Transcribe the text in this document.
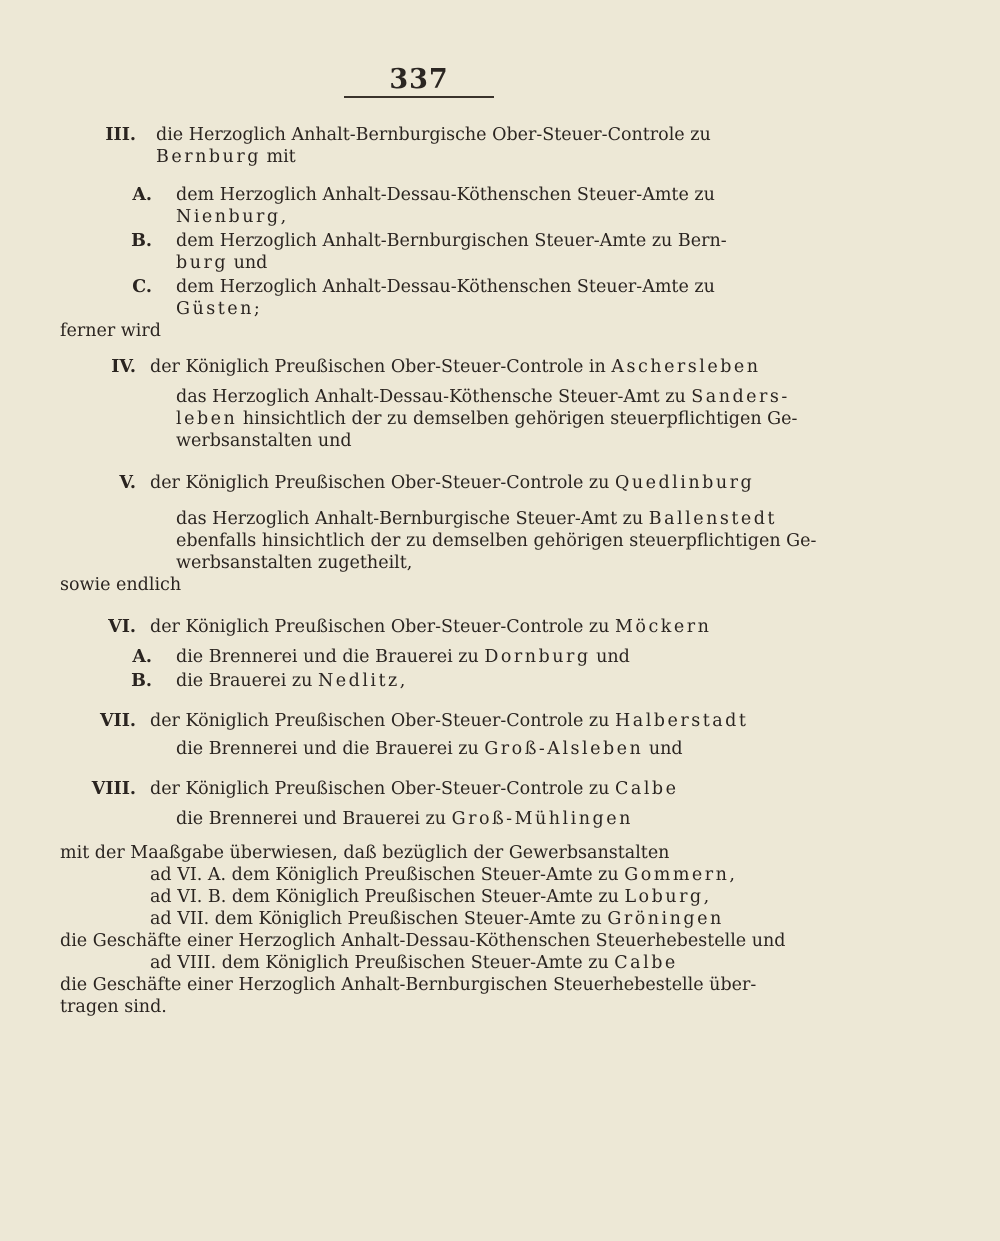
337
III. die Herzoglich Anhalt-Bernburgische Ober-Steuer-Controle zu
Bernburg mit
A. dem Herzoglich Anhalt-Dessau-Köthenschen Steuer-Amte zu
Nienburg,
B. dem Herzoglich Anhalt-Bernburgischen Steuer-Amte zu Bern-
burg und
C. dem Herzoglich Anhalt-Dessau-Köthenschen Steuer-Amte zu
Güsten;
ferner wird
IV. der Königlich Preußischen Ober-Steuer-Controle in Aschersleben
das Herzoglich Anhalt-Dessau-Köthensche Steuer-Amt zu Sanders-
leben hinsichtlich der zu demselben gehörigen steuerpflichtigen Ge-
werbsanstalten und
V. der Königlich Preußischen Ober-Steuer-Controle zu Quedlinburg
das Herzoglich Anhalt-Bernburgische Steuer-Amt zu Ballenstedt
ebenfalls hinsichtlich der zu demselben gehörigen steuerpflichtigen Ge-
werbsanstalten zugetheilt,
sowie endlich
VI. der Königlich Preußischen Ober-Steuer-Controle zu Möckern
A. die Brennerei und die Brauerei zu Dornburg und
B. die Brauerei zu Nedlitz,
VII. der Königlich Preußischen Ober-Steuer-Controle zu Halberstadt
die Brennerei und die Brauerei zu Groß-Alsleben und
VIII. der Königlich Preußischen Ober-Steuer-Controle zu Calbe
die Brennerei und Brauerei zu Groß-Mühlingen
mit der Maaßgabe überwiesen, daß bezüglich der Gewerbsanstalten
ad VI. A. dem Königlich Preußischen Steuer-Amte zu Gommern,
ad VI. B. dem Königlich Preußischen Steuer-Amte zu Loburg,
ad VII. dem Königlich Preußischen Steuer-Amte zu Gröningen
die Geschäfte einer Herzoglich Anhalt-Dessau-Köthenschen Steuerhebestelle und
ad VIII. dem Königlich Preußischen Steuer-Amte zu Calbe
die Geschäfte einer Herzoglich Anhalt-Bernburgischen Steuerhebestelle über-
tragen sind.
